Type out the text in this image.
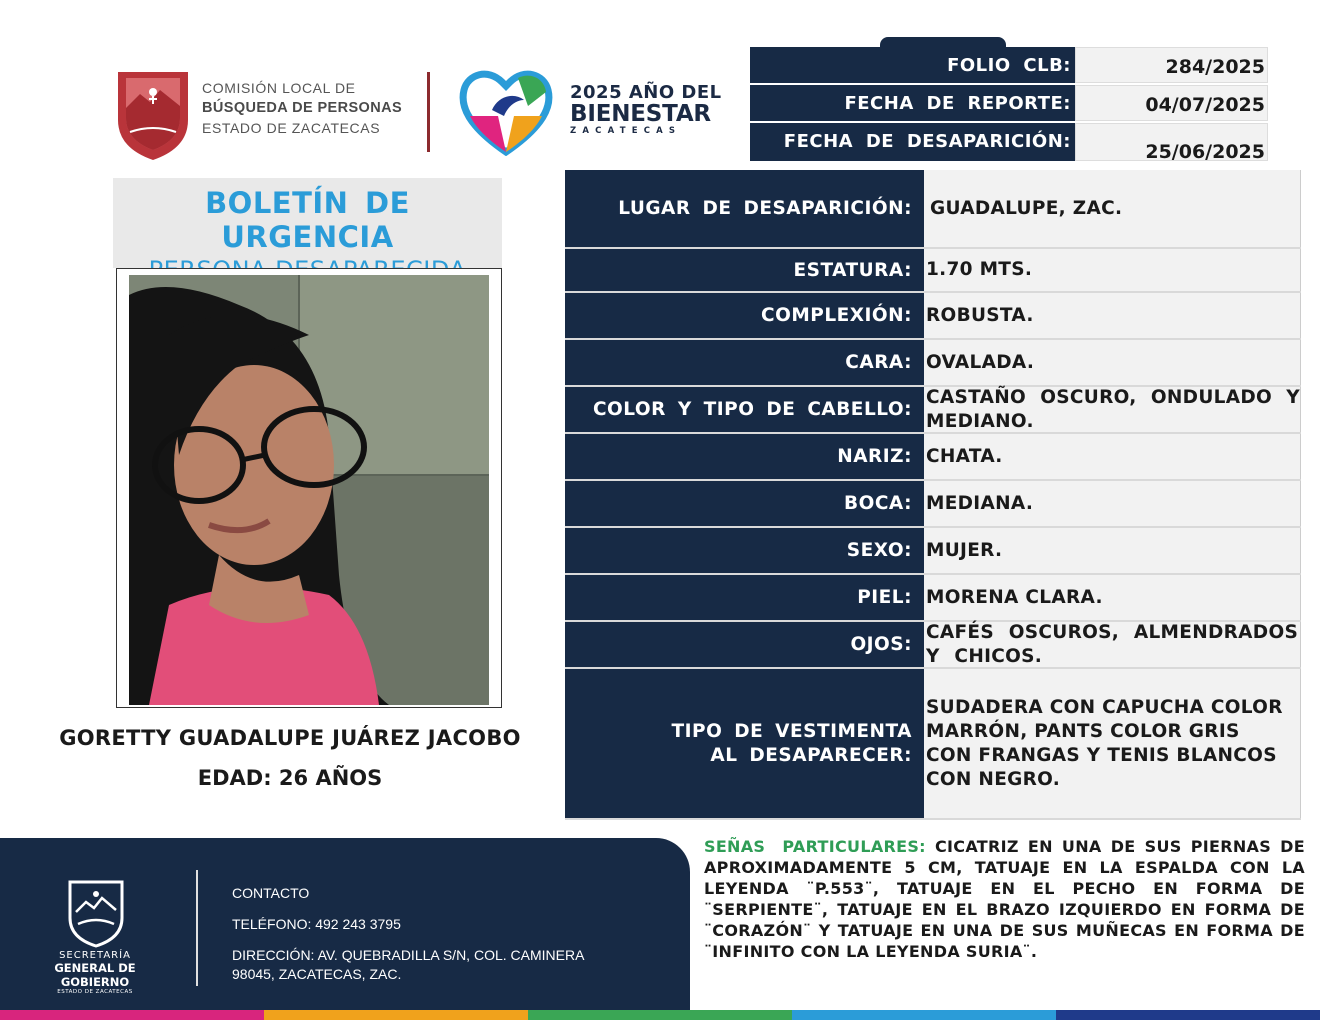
COMISIÓN LOCAL DE
BÚSQUEDA DE PERSONAS
ESTADO DE ZACATECAS
2025 AÑO DEL
BIENESTAR
ZACATECAS
FOLIO CLB:	284/2025
FECHA DE REPORTE:	04/07/2025
FECHA DE DESAPARICIÓN:	25/06/2025
BOLETÍN DE URGENCIA
GORETTY GUADALUPE JUÁREZ JACOBO
EDAD: 26 AÑOS
LUGAR DE DESAPARICIÓN: GUADALUPE, ZAC.
ESTATURA: 1.70 MTS.
COMPLEXIÓN: ROBUSTA.
CARA: OVALADA.
COLOR Y TIPO DE CABELLO:
CASTAÑO OSCURO, ONDULADO Y MEDIANO.
NARIZ: CHATA.
BOCA: MEDIANA.
SEXO: MUJER.
PIEL: MORENA CLARA.
OJOS:
CAFÉS OSCUROS, ALMENDRADOS Y CHICOS.
TIPO DE VESTIMENTA AL DESAPARECER:
SUDADERA CON CAPUCHA COLOR MARRÓN, PANTS COLOR GRIS CON FRANGAS Y TENIS BLANCOS CON NEGRO.
SECRETARÍA
GENERAL DE GOBIERNO
ESTADO DE ZACATECAS
CONTACTO
TELÉFONO: 492 243 3795
DIRECCIÓN: AV. QUEBRADILLA S/N, COL. CAMINERA
98045, ZACATECAS, ZAC.
SEÑAS PARTICULARES: CICATRIZ EN UNA DE SUS PIERNAS DE APROXIMADAMENTE 5 CM, TATUAJE EN LA ESPALDA CON LA LEYENDA ¨P.553¨, TATUAJE EN EL PECHO EN FORMA DE ¨SERPIENTE¨, TATUAJE EN EL BRAZO IZQUIERDO EN FORMA DE ¨CORAZÓN¨ Y TATUAJE EN UNA DE SUS MUÑECAS EN FORMA DE ¨INFINITO CON LA LEYENDA SURIA¨.
